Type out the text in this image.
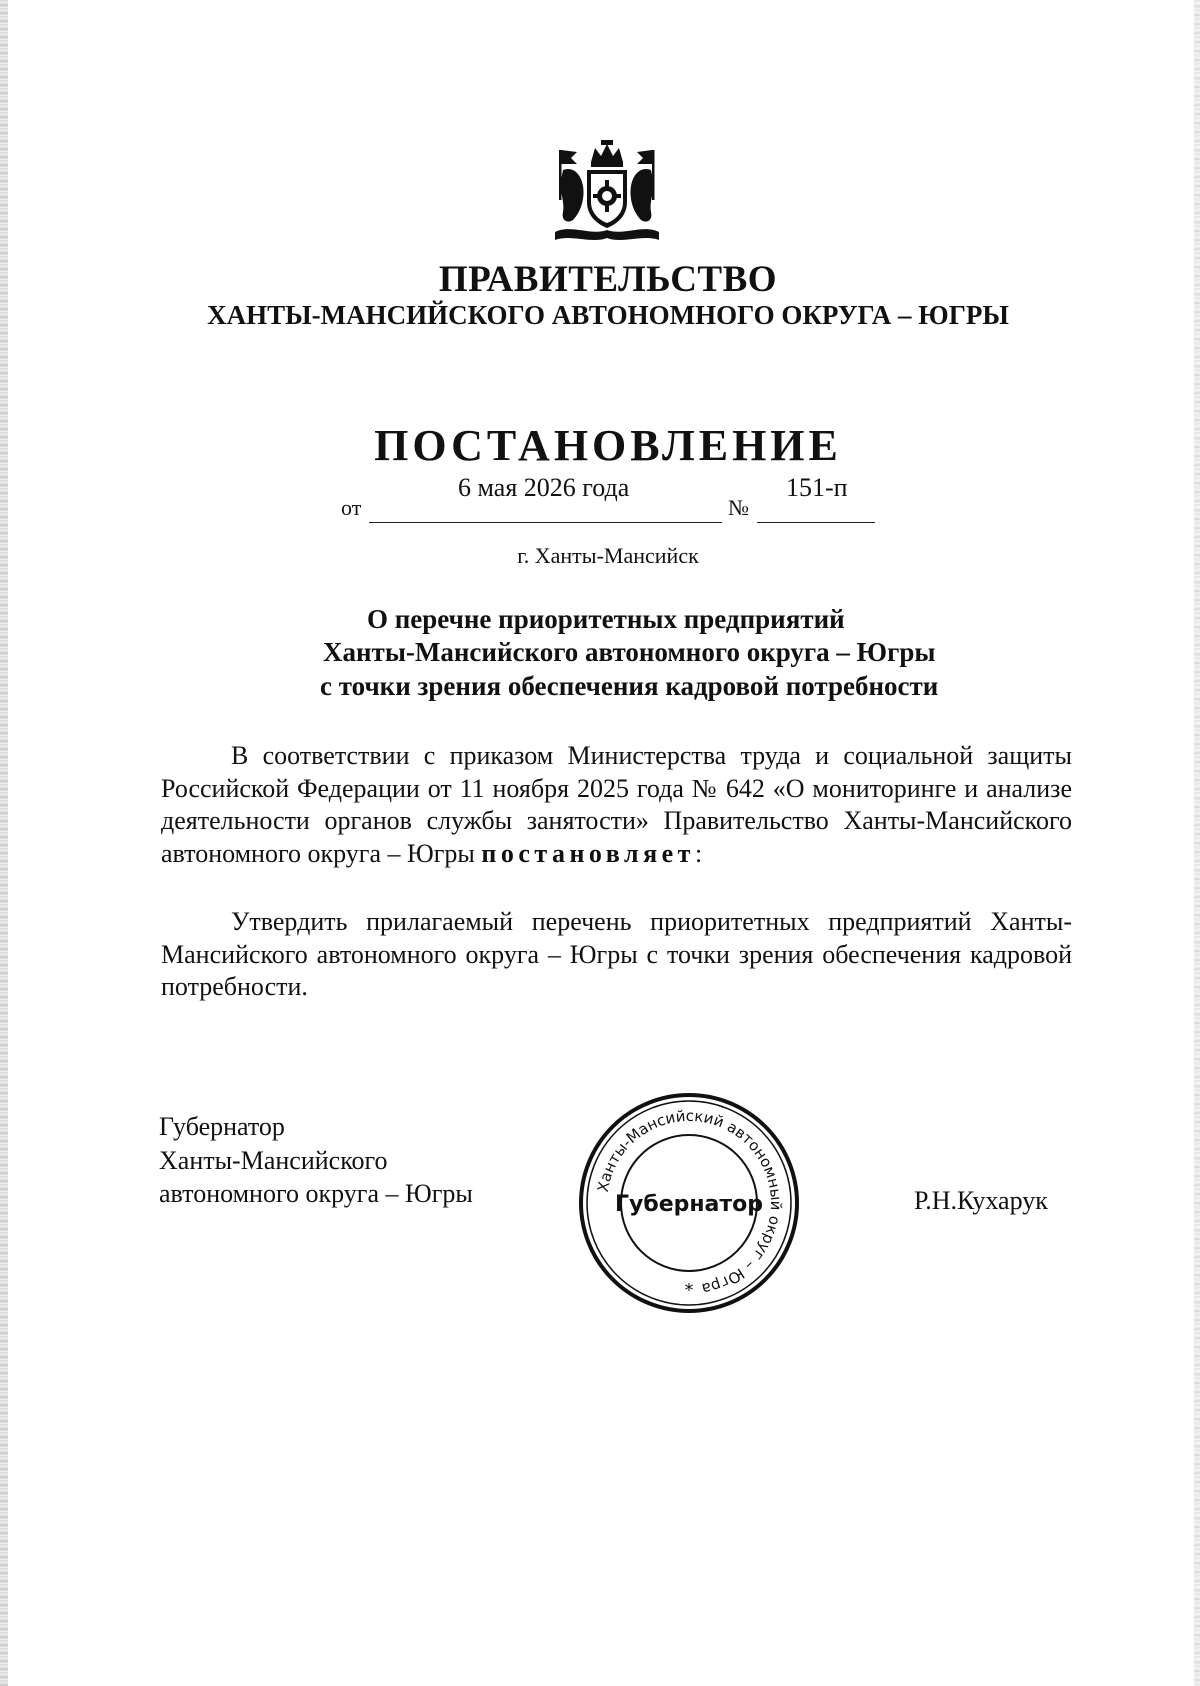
ПРАВИТЕЛЬСТВО
ХАНТЫ-МАНСИЙСКОГО АВТОНОМНОГО ОКРУГА – ЮГРЫ
ПОСТАНОВЛЕНИЕ
от
6 мая 2026 года
№
151-п
г. Ханты-Мансийск
О перечне приоритетных предприятий
Ханты-Мансийского автономного округа – Югры
с точки зрения обеспечения кадровой потребности

В соответствии с приказом Министерства труда и социальной защиты Российской Федерации от 11 ноября 2025 года № 642 «О мониторинге и анализе деятельности органов службы занятости» Правительство Ханты-Мансийского автономного округа – Югры постановляет:

Утвердить прилагаемый перечень приоритетных предприятий Ханты-Мансийского автономного округа – Югры с точки зрения обеспечения кадровой потребности.

Губернатор
Ханты-Мансийского
автономного округа – Югры	Р.Н.Кухарук
Ханты-Мансийский автономный округ – Югра
Губернатор
*
